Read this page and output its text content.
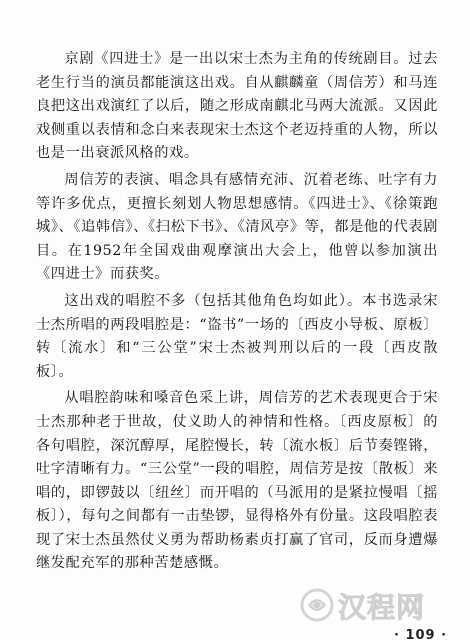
京剧《四进士》是一出以宋士杰为主角的传统剧目。过去老生行当的演员都能演这出戏。自从麒麟童（周信芳）和马连良把这出戏演红了以后，随之形成南麒北马两大流派。又因此戏侧重以表情和念白来表现宋士杰这个老迈持重的人物，所以也是一出衰派风格的戏。

周信芳的表演、唱念具有感情充沛、沉着老练、吐字有力等许多优点，更擅长刻划人物思想感情。《四进士》、《徐策跑城》、《追韩信》、《扫松下书》、《清风亭》等，都是他的代表剧目。在1952年全国戏曲观摩演出大会上，他曾以参加演出《四进士》而获奖。

这出戏的唱腔不多（包括其他角色均如此）。本书选录宋士杰所唱的两段唱腔是：“盗书”一场的〔西皮小导板、原板〕转〔流水〕和“三公堂”宋士杰被判刑以后的一段〔西皮散板〕。

从唱腔韵味和嗓音色采上讲，周信芳的艺术表现更合于宋士杰那种老于世故，仗义助人的神情和性格。〔西皮原板〕的各句唱腔，深沉醇厚，尾腔慢长，转〔流水板〕后节奏铿锵，吐字清晰有力。“三公堂”一段的唱腔，周信芳是按〔散板〕来唱的，即锣鼓以〔纽丝〕而开唱的（马派用的是紧拉慢唱〔摇板〕），每句之间都有一击垫锣，显得格外有份量。这段唱腔表现了宋士杰虽然仗义勇为帮助杨素贞打赢了官司，反而身遭爆继发配充军的那种苦楚感慨。

汉程网
· 109 ·
